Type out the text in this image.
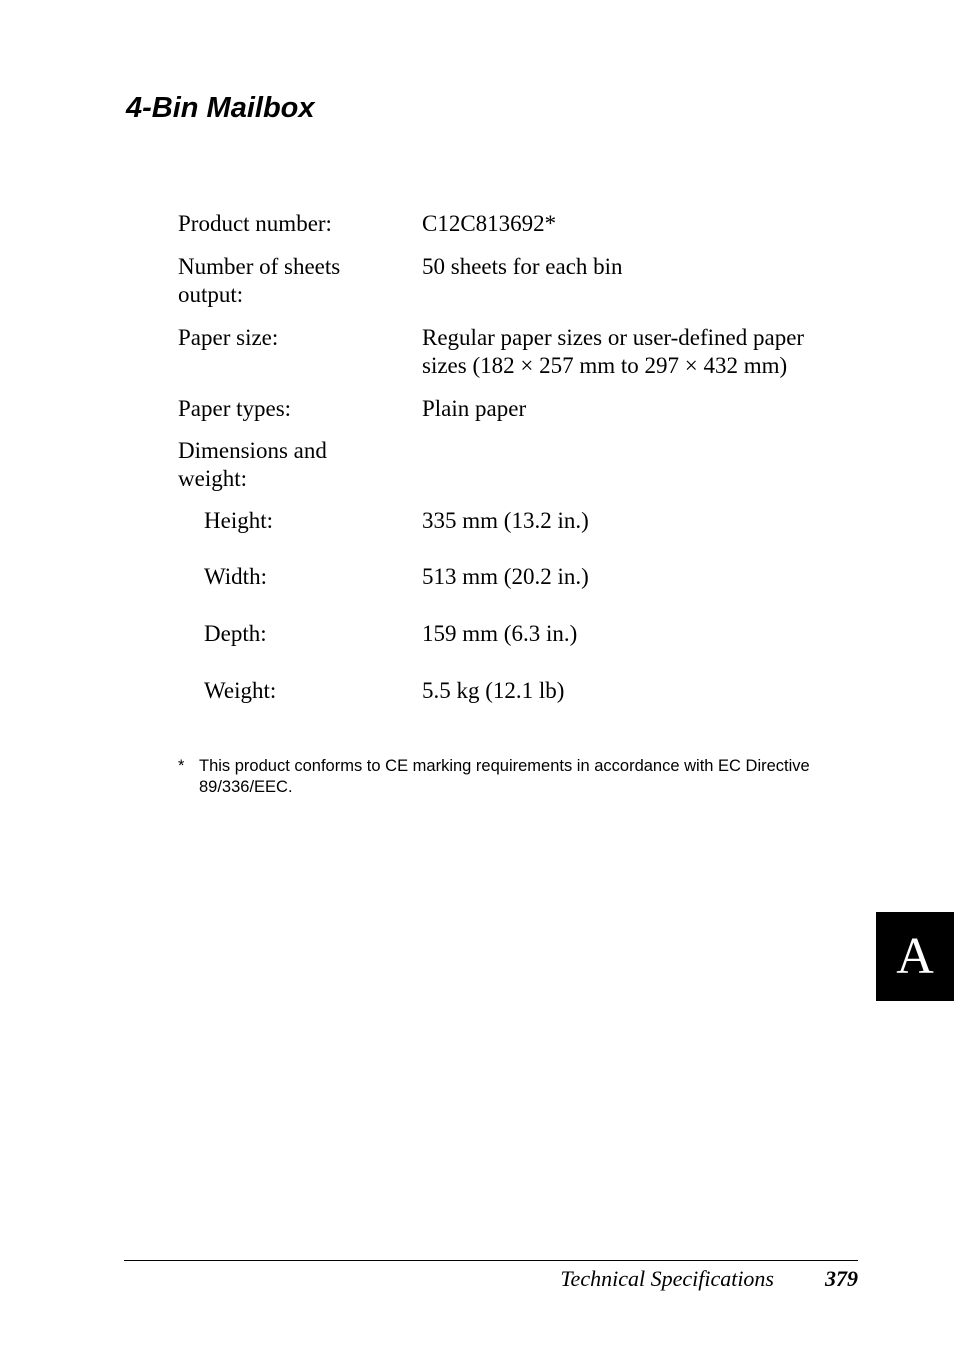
4-Bin Mailbox
Product number:	C12C813692*
Number of sheets
output:
50 sheets for each bin
Paper size:	Regular paper sizes or user-defined paper
sizes (182 × 257 mm to 297 × 432 mm)
Paper types:	Plain paper
Dimensions and
weight:
Height:	335 mm (13.2 in.)
Width:	513 mm (20.2 in.)
Depth:	159 mm (6.3 in.)
Weight:	5.5 kg (12.1 lb)
* This product conforms to CE marking requirements in accordance with EC Directive
89/336/EEC.
A
Technical Specifications 379
